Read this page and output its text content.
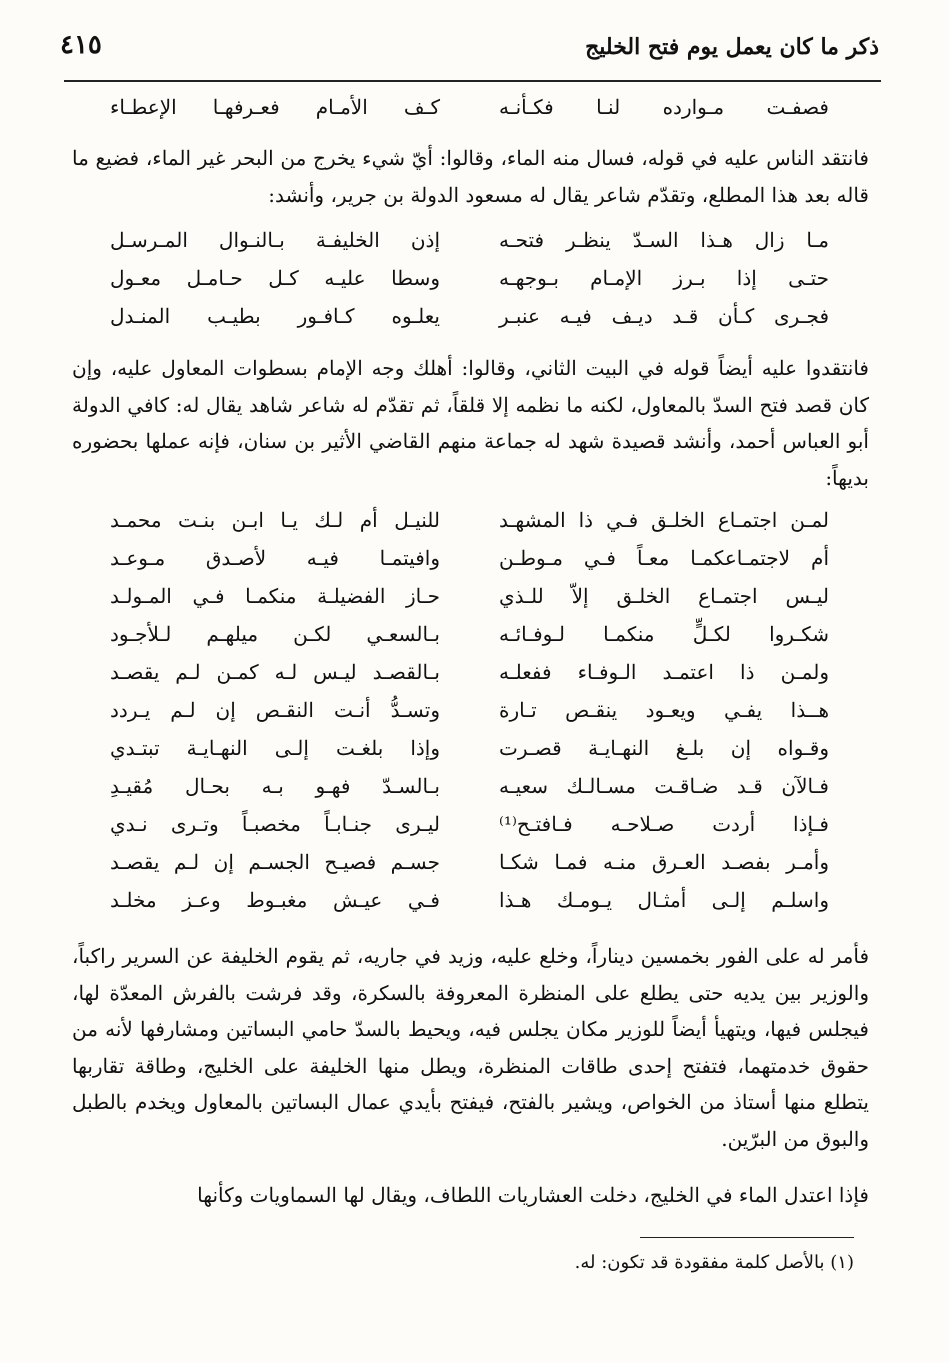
ذكر ما كان يعمل يوم فتح الخليج
٤١٥
فصفـت مـوارده لنـا فكـأنـه
كـف الأمـام فعـرفهـا الإعطـاء

فانتقد الناس عليه في قوله، فسال منه الماء، وقالوا: أيّ شيء يخرج من البحر غير الماء، فضيع ما قاله بعد هذا المطلع، وتقدّم شاعر يقال له مسعود الدولة بن جرير، وأنشد:

مـا زال هـذا السـدّ ينظـر فتحـه
إذن الخليفـة بـالنـوال المـرسـل
حتـى إذا بـرز الإمـام بـوجهـه
وسطا عليـه كـل حـامـل معـول
فجـرى كـأن قـد ديـف فيـه عنبـر
يعلـوه كـافـور بطيـب المنـدل

فانتقدوا عليه أيضاً قوله في البيت الثاني، وقالوا: أهلك وجه الإمام بسطوات المعاول عليه، وإن كان قصد فتح السدّ بالمعاول، لكنه ما نظمه إلا قلقاً، ثم تقدّم له شاعر شاهد يقال له: كافي الدولة أبو العباس أحمد، وأنشد قصيدة شهد له جماعة منهم القاضي الأثير بن سنان، فإنه عملها بحضوره بديهاً:

لمـن اجتمـاع الخلـق فـي ذا المشهـد
للنيـل أم لـك يـا ابـن بنـت محمـد
أم لاجتمـاعكمـا معـاً فـي مـوطـن
وافيتمـا فيـه لأصـدق مـوعـد
ليـس اجتمـاع الخلـق إلاّ للـذي
حـاز الفضيلـة منكمـا فـي المـولـد
شكـروا لكـلٍّ منكمـا لـوفـائـه
بـالسعـي لكـن ميلهـم لـلأجـود
ولمـن ذا اعتمـد الـوفـاء ففعلـه
بـالقصـد ليـس لـه كمـن لـم يقصـد
هــذا يفـي ويعـود ينقـص تـارة
وتسـدُّ أنـت النقـص إن لـم يـردد
وقـواه إن بلـغ النهـايـة قصـرت
وإذا بلغـت إلـى النهـايـة تبتـدي
فـالآن قـد ضـاقـت مسـالـك سعيـه
بـالسـدّ فهـو بـه بحـال مُقيـدِ
فـإذا أردت صـلاحـه فـافتـح⁽¹⁾
ليـرى جنـابـاً مخصبـاً وتـرى نـدي
وأمـر بفصـد العـرق منـه فمـا شكـا
جسـم فصيـح الجسـم إن لـم يقصـد
واسلـم إلـى أمثـال يـومـك هـذا
فـي عيـش مغبـوط وعـز مخلـد

فأمر له على الفور بخمسين ديناراً، وخلع عليه، وزيد في جاريه، ثم يقوم الخليفة عن السرير راكباً، والوزير بين يديه حتى يطلع على المنظرة المعروفة بالسكرة، وقد فرشت بالفرش المعدّة لها، فيجلس فيها، ويتهيأ أيضاً للوزير مكان يجلس فيه، ويحيط بالسدّ حامي البساتين ومشارفها لأنه من حقوق خدمتهما، فتفتح إحدى طاقات المنظرة، ويطل منها الخليفة على الخليج، وطاقة تقاربها يتطلع منها أستاذ من الخواص، ويشير بالفتح، فيفتح بأيدي عمال البساتين بالمعاول ويخدم بالطبل والبوق من البرّين.

فإذا اعتدل الماء في الخليج، دخلت العشاريات اللطاف، ويقال لها السماويات وكأنها

(١) بالأصل كلمة مفقودة قد تكون: له.
